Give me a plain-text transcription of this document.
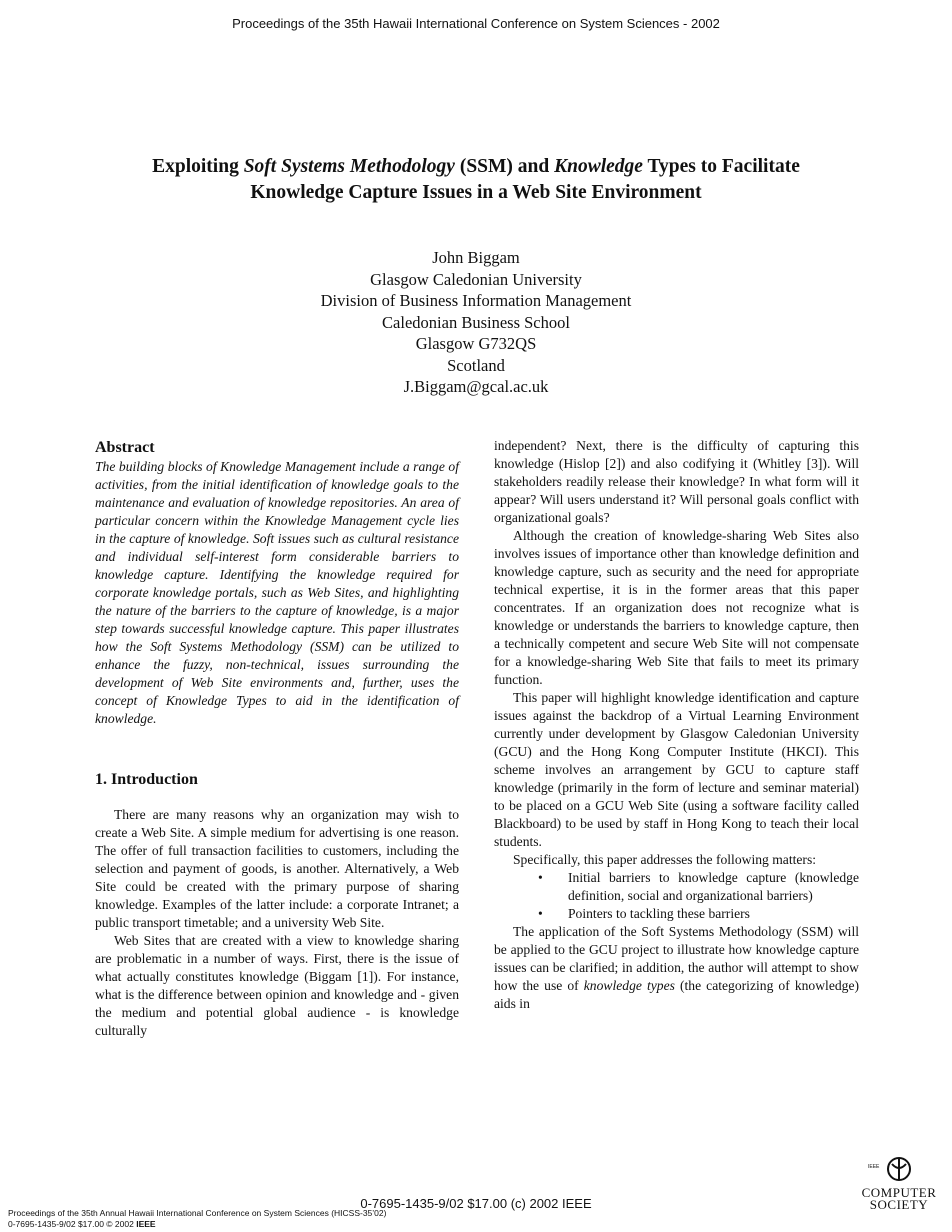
Proceedings of the 35th Hawaii International Conference on System Sciences - 2002
Exploiting Soft Systems Methodology (SSM) and Knowledge Types to Facilitate
Knowledge Capture Issues in a Web Site Environment
John Biggam
Glasgow Caledonian University
Division of Business Information Management
Caledonian Business School
Glasgow G732QS
Scotland
J.Biggam@gcal.ac.uk

Abstract

The building blocks of Knowledge Management include a range of activities, from the initial identification of knowledge goals to the maintenance and evaluation of knowledge repositories. An area of particular concern within the Knowledge Management cycle lies in the capture of knowledge. Soft issues such as cultural resistance and individual self-interest form considerable barriers to knowledge capture. Identifying the knowledge required for corporate knowledge portals, such as Web Sites, and highlighting the nature of the barriers to the capture of knowledge, is a major step towards successful knowledge capture. This paper illustrates how the Soft Systems Methodology (SSM) can be utilized to enhance the fuzzy, non-technical, issues surrounding the development of Web Site environments and, further, uses the concept of Knowledge Types to aid in the identification of knowledge.

1. Introduction

There are many reasons why an organization may wish to create a Web Site. A simple medium for advertising is one reason. The offer of full transaction facilities to customers, including the selection and payment of goods, is another. Alternatively, a Web Site could be created with the primary purpose of sharing knowledge. Examples of the latter include: a corporate Intranet; a public transport timetable; and a university Web Site.

Web Sites that are created with a view to knowledge sharing are problematic in a number of ways. First, there is the issue of what actually constitutes knowledge (Biggam [1]). For instance, what is the difference between opinion and knowledge and - given the medium and potential global audience - is knowledge culturally

independent? Next, there is the difficulty of capturing this knowledge (Hislop [2]) and also codifying it (Whitley [3]). Will stakeholders readily release their knowledge? In what form will it appear? Will users understand it? Will personal goals conflict with organizational goals?

Although the creation of knowledge-sharing Web Sites also involves issues of importance other than knowledge definition and knowledge capture, such as security and the need for appropriate technical expertise, it is in the former areas that this paper concentrates. If an organization does not recognize what is knowledge or understands the barriers to knowledge capture, then a technically competent and secure Web Site will not compensate for a knowledge-sharing Web Site that fails to meet its primary function.

This paper will highlight knowledge identification and capture issues against the backdrop of a Virtual Learning Environment currently under development by Glasgow Caledonian University (GCU) and the Hong Kong Computer Institute (HKCI). This scheme involves an arrangement by GCU to capture staff knowledge (primarily in the form of lecture and seminar material) to be placed on a GCU Web Site (using a software facility called Blackboard) to be used by staff in Hong Kong to teach their local students.

Specifically, this paper addresses the following matters:

• Initial barriers to knowledge capture (knowledge definition, social and organizational barriers)
• Pointers to tackling these barriers

The application of the Soft Systems Methodology (SSM) will be applied to the GCU project to illustrate how knowledge capture issues can be clarified; in addition, the author will attempt to show how the use of knowledge types (the categorizing of knowledge) aids in

IEEE
COMPUTER
SOCIETY
0-7695-1435-9/02 $17.00 (c) 2002 IEEE
Proceedings of the 35th Annual Hawaii International Conference on System Sciences (HICSS-35’02)
0-7695-1435-9/02 $17.00 © 2002 IEEE
